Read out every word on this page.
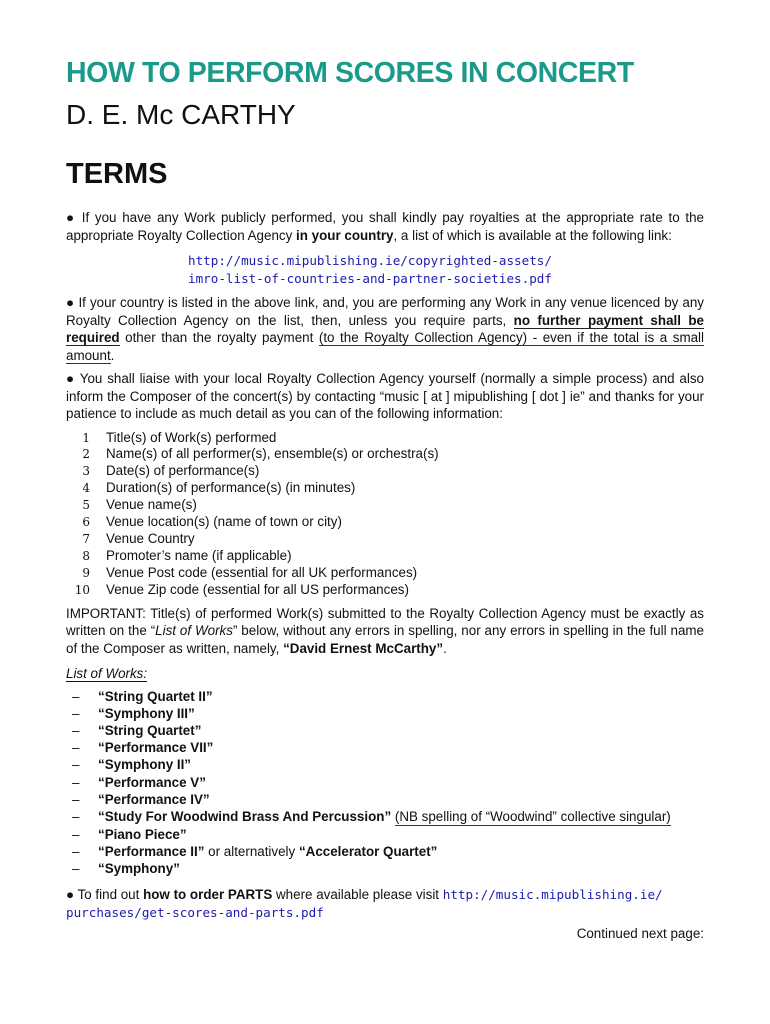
HOW TO PERFORM SCORES IN CONCERT
D. E. Mc CARTHY
TERMS

● If you have any Work publicly performed, you shall kindly pay royalties at the appropriate rate to the appropriate Royalty Collection Agency in your country, a list of which is available at the following link:

http://music.mipublishing.ie/copyrighted-assets/
imro-list-of-countries-and-partner-societies.pdf

● If your country is listed in the above link, and, you are performing any Work in any venue licenced by any Royalty Collection Agency on the list, then, unless you require parts, no further payment shall be required other than the royalty payment (to the Royalty Collection Agency) - even if the total is a small amount.

● You shall liaise with your local Royalty Collection Agency yourself (normally a simple process) and also inform the Composer of the concert(s) by contacting “music [ at ] mipublishing [ dot ] ie” and thanks for your patience to include as much detail as you can of the following information:

1	Title(s) of Work(s) performed
2	Name(s) of all performer(s), ensemble(s) or orchestra(s)
3	Date(s) of performance(s)
4	Duration(s) of performance(s) (in minutes)
5	Venue name(s)
6	Venue location(s) (name of town or city)
7	Venue Country
8	Promoter’s name (if applicable)
9	Venue Post code (essential for all UK performances)
10	Venue Zip code (essential for all US performances)

IMPORTANT: Title(s) of performed Work(s) submitted to the Royalty Collection Agency must be exactly as written on the “List of Works” below, without any errors in spelling, nor any errors in spelling in the full name of the Composer as written, namely, “David Ernest McCarthy”.

List of Works:
–	“String Quartet II”
–	“Symphony III”
–	“String Quartet”
–	“Performance VII”
–	“Symphony II”
–	“Performance V”
–	“Performance IV”
–	“Study For Woodwind Brass And Percussion”
(NB spelling of “Woodwind” collective singular)
–	“Piano Piece”
–	“Performance II” or alternatively “Accelerator Quartet”
–	“Symphony”

● To find out how to order PARTS where available please visit http://music.mipublishing.ie/
purchases/get-scores-and-parts.pdf

Continued next page:
